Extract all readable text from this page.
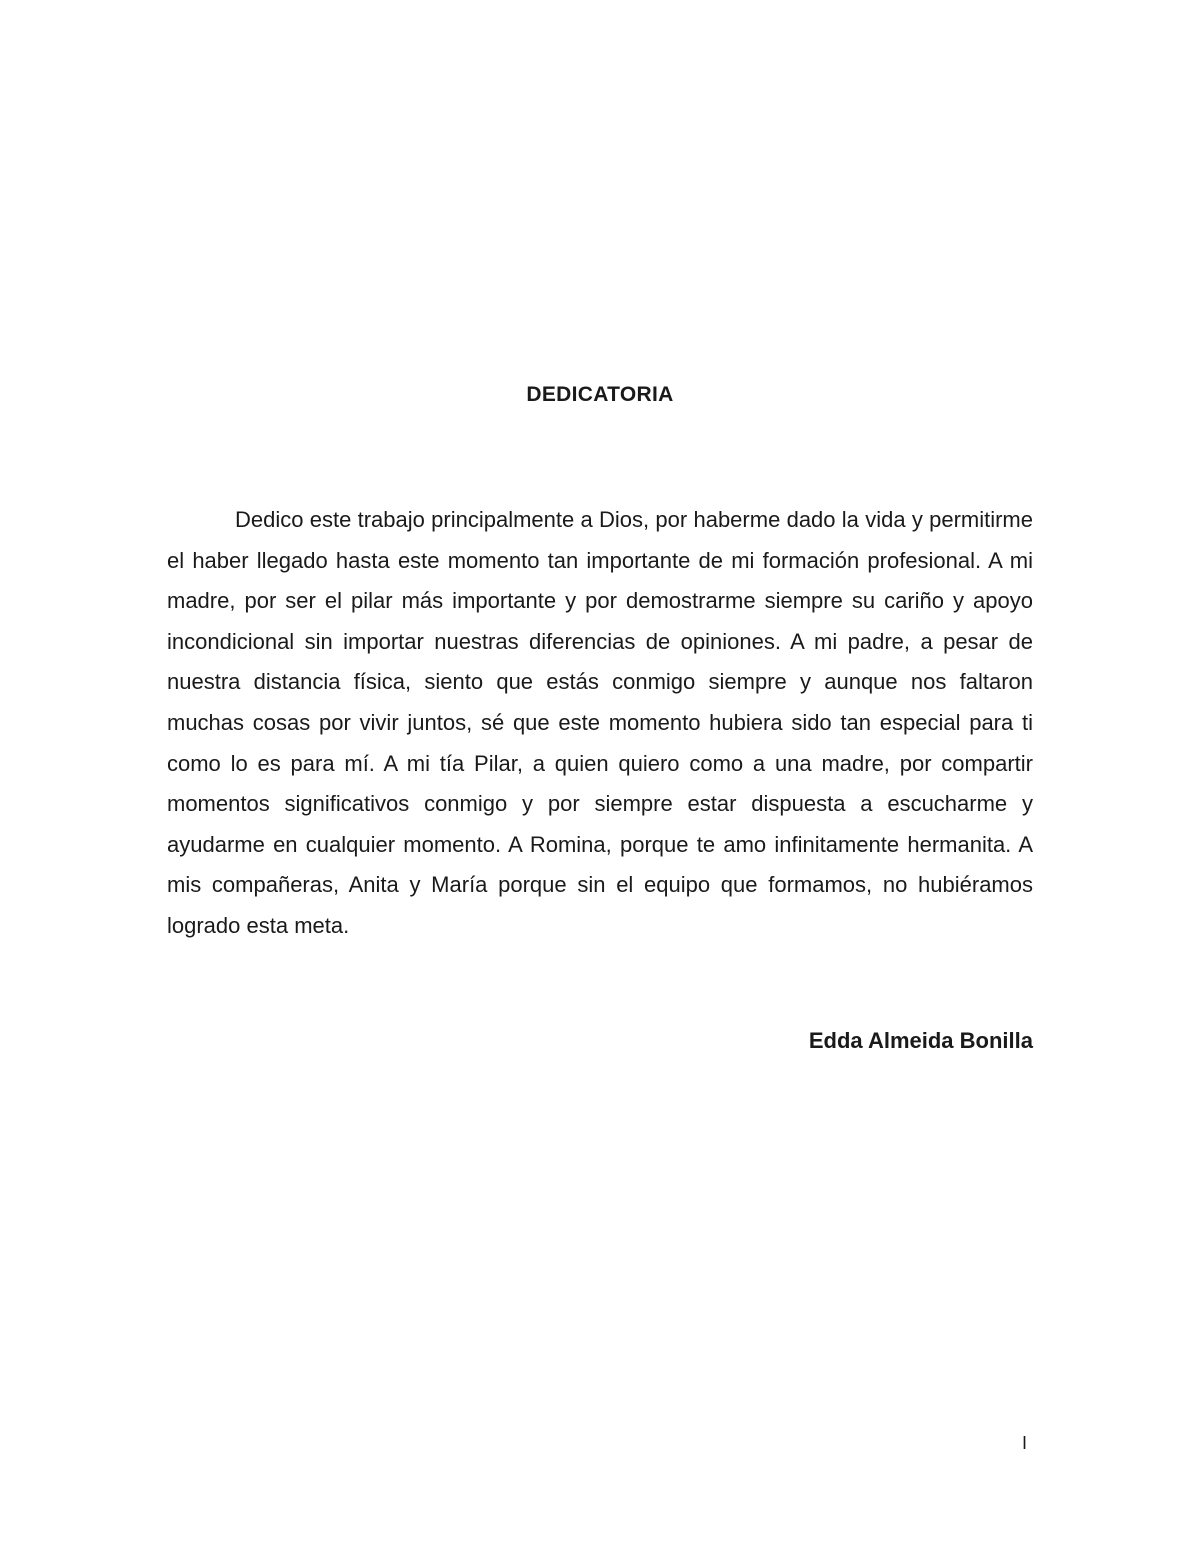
DEDICATORIA

Dedico este trabajo principalmente a Dios, por haberme dado la vida y permitirme el haber llegado hasta este momento tan importante de mi formación profesional. A mi madre, por ser el pilar más importante y por demostrarme siempre su cariño y apoyo incondicional sin importar nuestras diferencias de opiniones. A mi padre, a pesar de nuestra distancia física, siento que estás conmigo siempre y aunque nos faltaron muchas cosas por vivir juntos, sé que este momento hubiera sido tan especial para ti como lo es para mí. A mi tía Pilar, a quien quiero como a una madre, por compartir momentos significativos conmigo y por siempre estar dispuesta a escucharme y ayudarme en cualquier momento. A Romina, porque te amo infinitamente hermanita. A mis compañeras, Anita y María porque sin el equipo que formamos, no hubiéramos logrado esta meta.

Edda Almeida Bonilla

I
